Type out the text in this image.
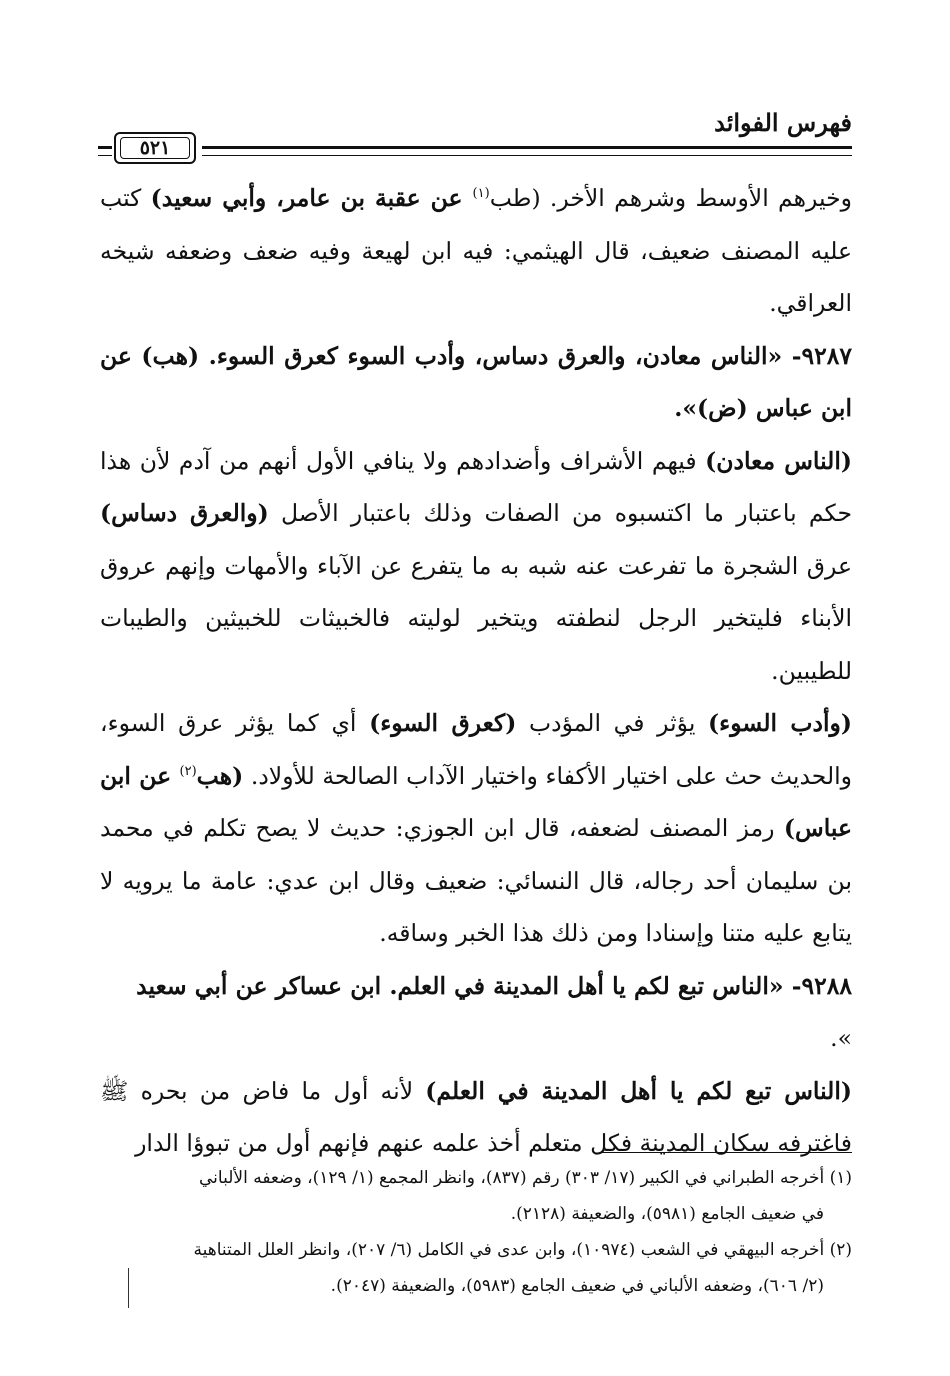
فهرس الفوائد
٥٢١

وخيرهم الأوسط وشرهم الأخر. (طب$^{(١)}$ عن عقبة بن عامر، وأبي سعيد) كتب عليه المصنف ضعيف، قال الهيثمي: فيه ابن لهيعة وفيه ضعف وضعفه شيخه العراقي.

٩٢٨٧- «الناس معادن، والعرق دساس، وأدب السوء كعرق السوء. (هب) عن ابن عباس (ض)».

(الناس معادن) فيهم الأشراف وأضدادهم ولا ينافي الأول أنهم من آدم لأن هذا حكم باعتبار ما اكتسبوه من الصفات وذلك باعتبار الأصل (والعرق دساس) عرق الشجرة ما تفرعت عنه شبه به ما يتفرع عن الآباء والأمهات وإنهم عروق الأبناء فليتخير الرجل لنطفته ويتخير لوليته فالخبيثات للخبيثين والطيبات للطيبين.

(وأدب السوء) يؤثر في المؤدب (كعرق السوء) أي كما يؤثر عرق السوء، والحديث حث على اختيار الأكفاء واختيار الآداب الصالحة للأولاد. (هب$^{(٢)}$ عن ابن عباس) رمز المصنف لضعفه، قال ابن الجوزي: حديث لا يصح تكلم في محمد بن سليمان أحد رجاله، قال النسائي: ضعيف وقال ابن عدي: عامة ما يرويه لا يتابع عليه متنا وإسنادا ومن ذلك هذا الخبر وساقه.

٩٢٨٨- «الناس تبع لكم يا أهل المدينة في العلم. ابن عساكر عن أبي سعيد
».

(الناس تبع لكم يا أهل المدينة في العلم) لأنه أول ما فاض من بحره ﷺ فاغترفه سكان المدينة فكل متعلم أخذ علمه عنهم فإنهم أول من تبوؤا الدار

(١) أخرجه الطبراني في الكبير (١٧/ ٣٠٣) رقم (٨٣٧)، وانظر المجمع (١/ ١٢٩)، وضعفه الألباني
في ضعيف الجامع (٥٩٨١)، والضعيفة (٢١٢٨).

(٢) أخرجه البيهقي في الشعب (١٠٩٧٤)، وابن عدى في الكامل (٦/ ٢٠٧)، وانظر العلل المتناهية
(٢/ ٦٠٦)، وضعفه الألباني في ضعيف الجامع (٥٩٨٣)، والضعيفة (٢٠٤٧).
